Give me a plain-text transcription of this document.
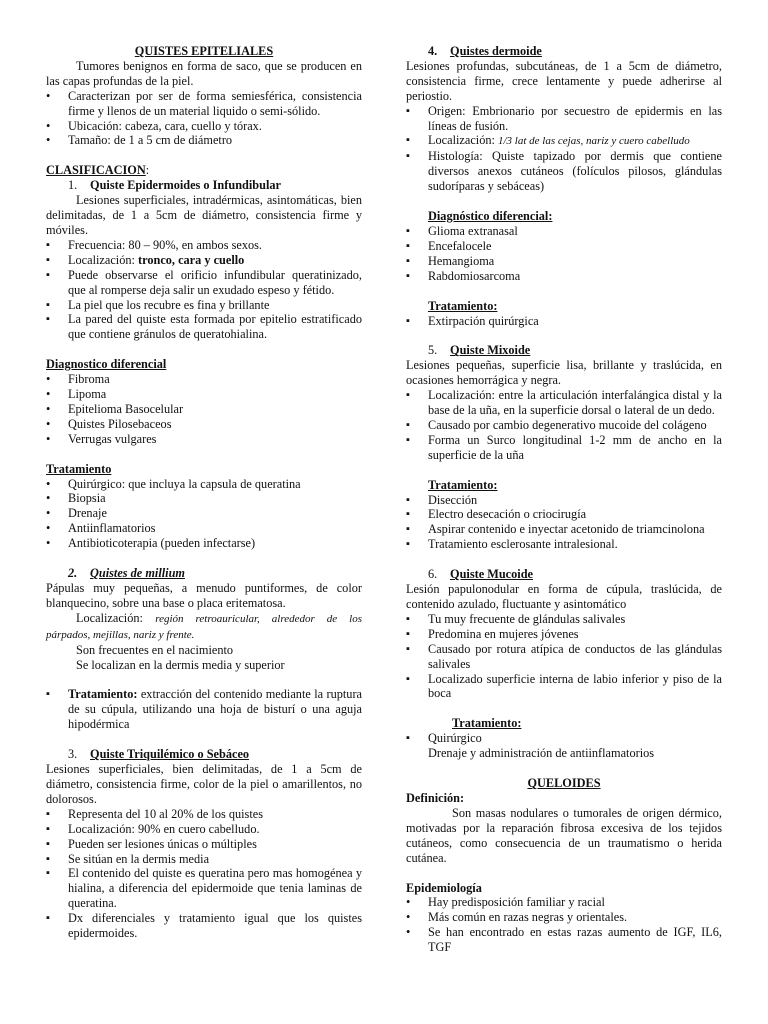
QUISTES EPITELIALES
Tumores benignos en forma de saco, que se producen en las capas profundas de la piel.
• Caracterizan por ser de forma semiesférica, consistencia firme y llenos de un material liquido o semi-sólido.
• Ubicación: cabeza, cara, cuello y tórax.
• Tamaño: de 1 a 5 cm de diámetro
CLASIFICACION:
1. Quiste Epidermoides o Infundibular
Lesiones superficiales, intradérmicas, asintomáticas, bien delimitadas, de 1 a 5cm de diámetro, consistencia firme y móviles.
▪ Frecuencia: 80 – 90%, en ambos sexos.
▪ Localización: tronco, cara y cuello
▪ Puede observarse el orificio infundibular queratinizado, que al romperse deja salir un exudado espeso y fétido.
▪ La piel que los recubre es fina y brillante
▪ La pared del quiste esta formada por epitelio estratificado que contiene gránulos de queratohialina.
Diagnostico diferencial
• Fibroma
• Lipoma
• Epitelioma Basocelular
• Quistes Pilosebaceos
• Verrugas vulgares
Tratamiento
• Quirúrgico: que incluya la capsula de queratina
• Biopsia
• Drenaje
• Antiinflamatorios
• Antibioticoterapia (pueden infectarse)
2. Quistes de millium
Pápulas muy pequeñas, a menudo puntiformes, de color blanquecino, sobre una base o placa eritematosa.
Localización: región retroauricular, alrededor de los párpados, mejillas, nariz y frente.
Son frecuentes en el nacimiento
Se localizan en la dermis media y superior
▪ Tratamiento: extracción del contenido mediante la ruptura de su cúpula, utilizando una hoja de bisturí o una aguja hipodérmica
3. Quiste Triquilémico o Sebáceo
Lesiones superficiales, bien delimitadas, de 1 a 5cm de diámetro, consistencia firme, color de la piel o amarillentos, no dolorosos.
▪ Representa del 10 al 20% de los quistes
▪ Localización: 90% en cuero cabelludo.
▪ Pueden ser lesiones únicas o múltiples
▪ Se sitúan en la dermis media
▪ El contenido del quiste es queratina pero mas homogénea y hialina, a diferencia del epidermoide que tenia laminas de queratina.
▪ Dx diferenciales y tratamiento igual que los quistes epidermoides.
4. Quistes dermoide
Lesiones profundas, subcutáneas, de 1 a 5cm de diámetro, consistencia firme, crece lentamente y puede adherirse al periostio.
▪ Origen: Embrionario por secuestro de epidermis en las líneas de fusión.
▪ Localización: 1/3 lat de las cejas, nariz y cuero cabelludo
▪ Histología: Quiste tapizado por dermis que contiene diversos anexos cutáneos (folículos pilosos, glándulas sudoríparas y sebáceas)
Diagnóstico diferencial:
▪ Glioma extranasal
▪ Encefalocele
▪ Hemangioma
▪ Rabdomiosarcoma
Tratamiento:
▪ Extirpación quirúrgica
5. Quiste Mixoide
Lesiones pequeñas, superficie lisa, brillante y traslúcida, en ocasiones hemorrágica y negra.
▪ Localización: entre la articulación interfalángica distal y la base de la uña, en la superficie dorsal o lateral de un dedo.
▪ Causado por cambio degenerativo mucoide del colágeno
▪ Forma un Surco longitudinal 1-2 mm de ancho en la superficie de la uña
Tratamiento:
▪ Disección
▪ Electro desecación o criocirugía
▪ Aspirar contenido e inyectar acetonido de triamcinolona
▪ Tratamiento esclerosante intralesional.
6. Quiste Mucoide
Lesión papulonodular en forma de cúpula, traslúcida, de contenido azulado, fluctuante y asintomático
▪ Tu muy frecuente de glándulas salivales
▪ Predomina en mujeres jóvenes
▪ Causado por rotura atípica de conductos de las glándulas salivales
▪ Localizado superficie interna de labio inferior y piso de la boca
Tratamiento:
▪ Quirúrgico
Drenaje y administración de antiinflamatorios
QUELOIDES
Definición:
Son masas nodulares o tumorales de origen dérmico, motivadas por la reparación fibrosa excesiva de los tejidos cutáneos, como consecuencia de un traumatismo o herida cutánea.
Epidemiología
• Hay predisposición familiar y racial
• Más común en razas negras y orientales.
• Se han encontrado en estas razas aumento de IGF, IL6, TGF
